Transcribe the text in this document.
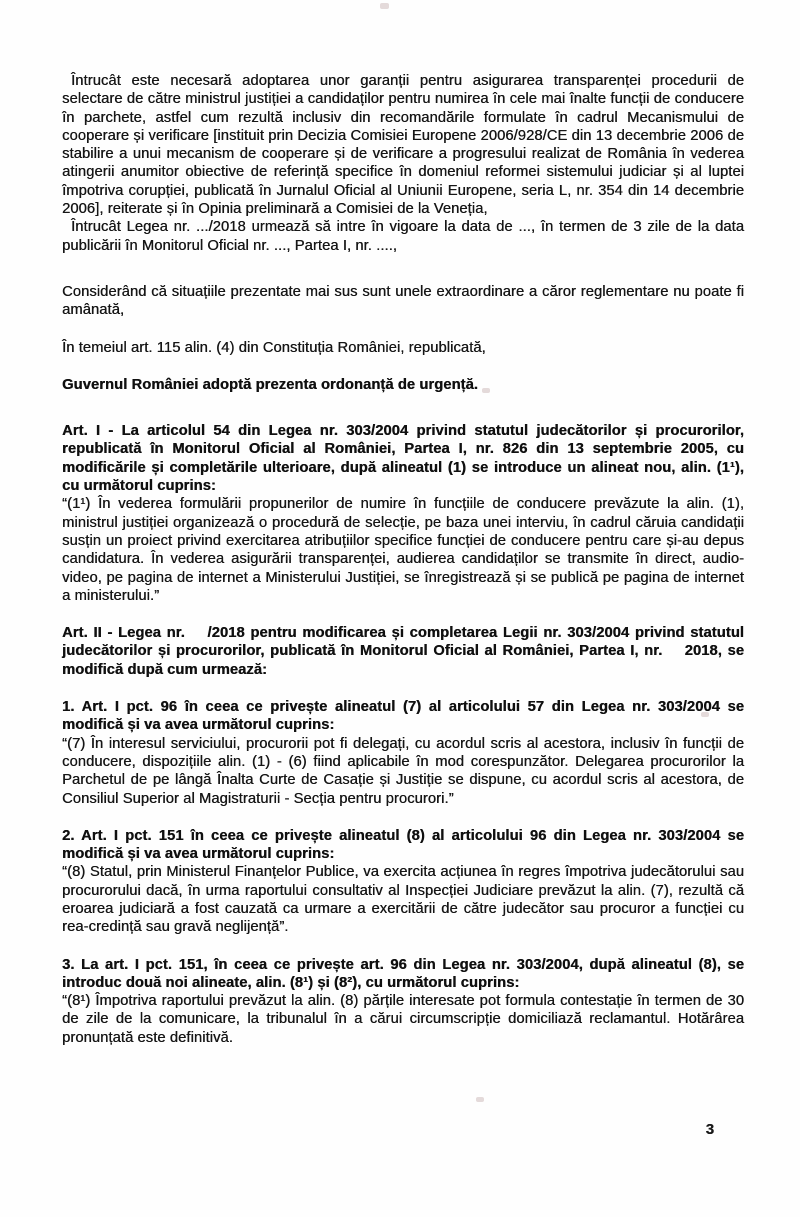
Întrucât este necesară adoptarea unor garanții pentru asigurarea transparenței procedurii de selectare de către ministrul justiției a candidaților pentru numirea în cele mai înalte funcții de conducere în parchete, astfel cum rezultă inclusiv din recomandările formulate în cadrul Mecanismului de cooperare și verificare [instituit prin Decizia Comisiei Europene 2006/928/CE din 13 decembrie 2006 de stabilire a unui mecanism de cooperare și de verificare a progresului realizat de România în vederea atingerii anumitor obiective de referință specifice în domeniul reformei sistemului judiciar și al luptei împotriva corupției, publicată în Jurnalul Oficial al Uniunii Europene, seria L, nr. 354 din 14 decembrie 2006], reiterate și în Opinia preliminară a Comisiei de la Veneția,

Întrucât Legea nr. .../2018 urmează să intre în vigoare la data de ..., în termen de 3 zile de la data publicării în Monitorul Oficial nr. ..., Partea I, nr. ....,

Considerând că situațiile prezentate mai sus sunt unele extraordinare a căror reglementare nu poate fi amânată,

În temeiul art. 115 alin. (4) din Constituția României, republicată,

Guvernul României adoptă prezenta ordonanță de urgență.

Art. I - La articolul 54 din Legea nr. 303/2004 privind statutul judecătorilor și procurorilor, republicată în Monitorul Oficial al României, Partea I, nr. 826 din 13 septembrie 2005, cu modificările și completările ulterioare, după alineatul (1) se introduce un alineat nou, alin. (1¹), cu următorul cuprins:

“(1¹) În vederea formulării propunerilor de numire în funcțiile de conducere prevăzute la alin. (1), ministrul justiției organizează o procedură de selecție, pe baza unei interviu, în cadrul căruia candidații susțin un proiect privind exercitarea atribuțiilor specifice funcției de conducere pentru care și-au depus candidatura. În vederea asigurării transparenței, audierea candidaților se transmite în direct, audio-video, pe pagina de internet a Ministerului Justiției, se înregistrează și se publică pe pagina de internet a ministerului.”

Art. II - Legea nr.    /2018 pentru modificarea și completarea Legii nr. 303/2004 privind statutul judecătorilor și procurorilor, publicată în Monitorul Oficial al României, Partea I, nr.    2018, se modifică după cum urmează:

1. Art. I pct. 96 în ceea ce privește alineatul (7) al articolului 57 din Legea nr. 303/2004 se modifică și va avea următorul cuprins:

“(7) În interesul serviciului, procurorii pot fi delegați, cu acordul scris al acestora, inclusiv în funcții de conducere, dispozițiile alin. (1) - (6) fiind aplicabile în mod corespunzător. Delegarea procurorilor la Parchetul de pe lângă Înalta Curte de Casație și Justiție se dispune, cu acordul scris al acestora, de Consiliul Superior al Magistraturii - Secția pentru procurori.”

2. Art. I pct. 151 în ceea ce privește alineatul (8) al articolului 96 din Legea nr. 303/2004 se modifică și va avea următorul cuprins:

“(8) Statul, prin Ministerul Finanțelor Publice, va exercita acțiunea în regres împotriva judecătorului sau procurorului dacă, în urma raportului consultativ al Inspecției Judiciare prevăzut la alin. (7), rezultă că eroarea judiciară a fost cauzată ca urmare a exercitării de către judecător sau procuror a funcției cu rea-credință sau gravă neglijență”.

3. La art. I pct. 151, în ceea ce privește art. 96 din Legea nr. 303/2004, după alineatul (8), se introduc două noi alineate, alin. (8¹) și (8²), cu următorul cuprins:

“(8¹) Împotriva raportului prevăzut la alin. (8) părțile interesate pot formula contestație în termen de 30 de zile de la comunicare, la tribunalul în a cărui circumscripție domiciliază reclamantul. Hotărârea pronunțată este definitivă.

3
